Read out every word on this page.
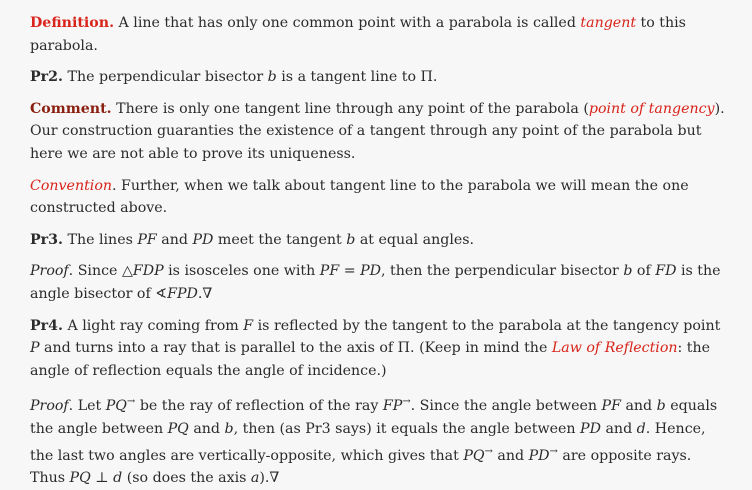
Definition. A line that has only one common point with a parabola is called tangent to this parabola.

Pr2. The perpendicular bisector b is a tangent line to Π.

Comment. There is only one tangent line through any point of the parabola (point of tangency). Our construction guaranties the existence of a tangent through any point of the parabola but here we are not able to prove its uniqueness.

Convention. Further, when we talk about tangent line to the parabola we will mean the one constructed above.

Pr3. The lines PF and PD meet the tangent b at equal angles.

Proof. Since △FDP is isosceles one with PF = PD, then the perpendicular bisector b of FD is the angle bisector of ∢FPD.∇

Pr4. A light ray coming from F is reflected by the tangent to the parabola at the tangency point P and turns into a ray that is parallel to the axis of Π. (Keep in mind the Law of Reflection: the angle of reflection equals the angle of incidence.)

Proof. Let PQ→ be the ray of reflection of the ray FP→. Since the angle between PF and b equals the angle between PQ and b, then (as Pr3 says) it equals the angle between PD and d. Hence, the last two angles are vertically-opposite, which gives that PQ→ and PD→ are opposite rays. Thus PQ ⊥ d (so does the axis a).∇
